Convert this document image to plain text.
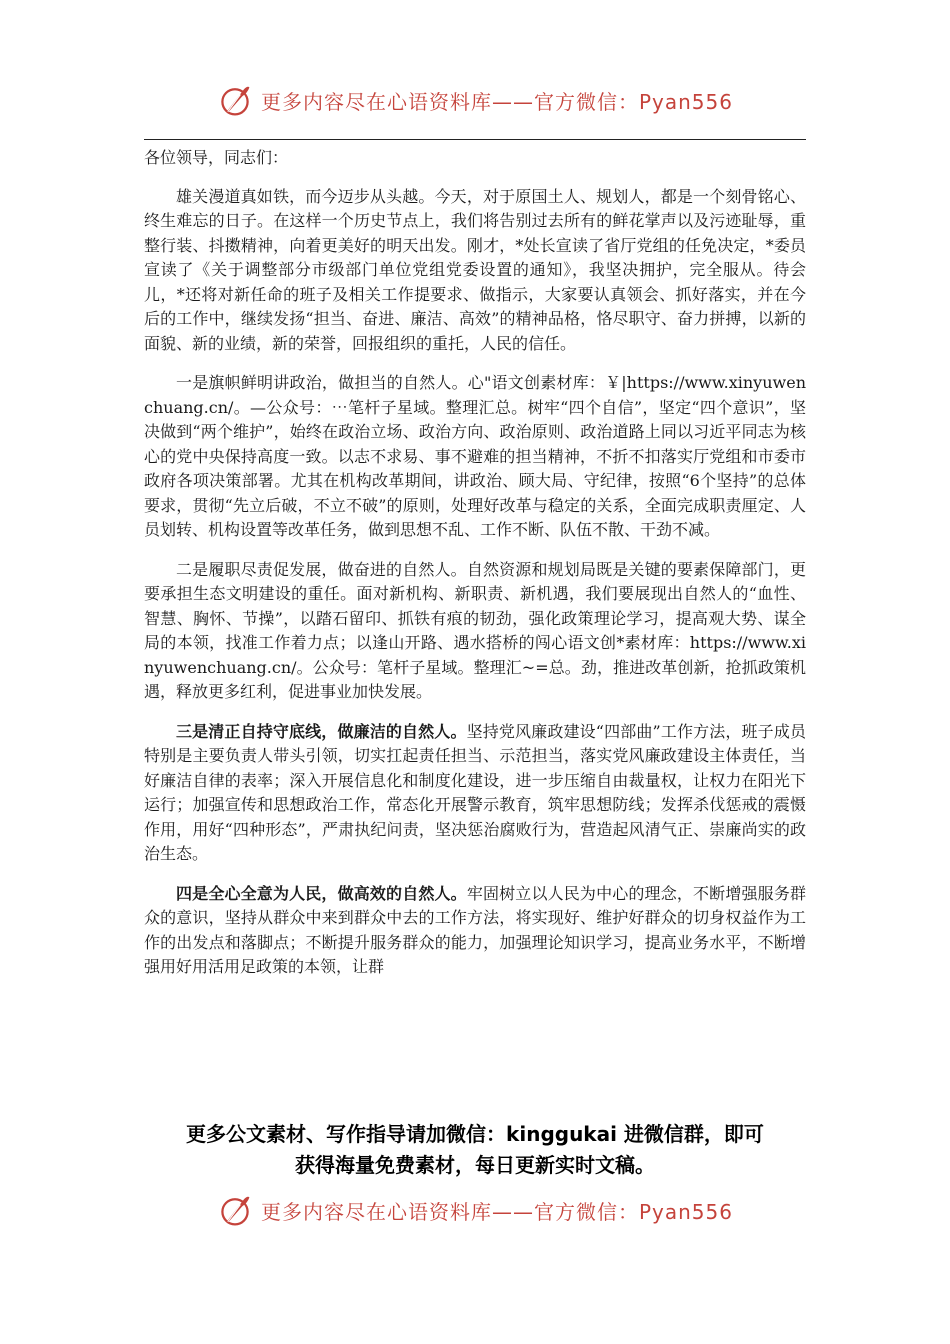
更多内容尽在心语资料库——官方微信：Pyan556

各位领导，同志们：

雄关漫道真如铁，而今迈步从头越。今天，对于原国土人、规划人，都是一个刻骨铭心、终生难忘的日子。在这样一个历史节点上，我们将告别过去所有的鲜花掌声以及污迹耻辱，重整行装、抖擞精神，向着更美好的明天出发。刚才，*处长宣读了省厅党组的任免决定，*委员宣读了《关于调整部分市级部门单位党组党委设置的通知》，我坚决拥护，完全服从。待会儿，*还将对新任命的班子及相关工作提要求、做指示，大家要认真领会、抓好落实，并在今后的工作中，继续发扬“担当、奋进、廉洁、高效”的精神品格，恪尽职守、奋力拼搏，以新的面貌、新的业绩，新的荣誉，回报组织的重托，人民的信任。

一是旗帜鲜明讲政治，做担当的自然人。心"语文创素材库：￥|https://www.xinyuwenchuang.cn/。—公众号：⋯笔杆子星域。整理汇总。树牢“四个自信”，坚定“四个意识”，坚决做到“两个维护”，始终在政治立场、政治方向、政治原则、政治道路上同以习近平同志为核心的党中央保持高度一致。以志不求易、事不避难的担当精神，不折不扣落实厅党组和市委市政府各项决策部署。尤其在机构改革期间，讲政治、顾大局、守纪律，按照“6个坚持”的总体要求，贯彻“先立后破，不立不破”的原则，处理好改革与稳定的关系，全面完成职责厘定、人员划转、机构设置等改革任务，做到思想不乱、工作不断、队伍不散、干劲不减。

二是履职尽责促发展，做奋进的自然人。自然资源和规划局既是关键的要素保障部门，更要承担生态文明建设的重任。面对新机构、新职责、新机遇，我们要展现出自然人的“血性、智慧、胸怀、节操”，以踏石留印、抓铁有痕的韧劲，强化政策理论学习，提高观大势、谋全局的本领，找准工作着力点；以逢山开路、遇水搭桥的闯心语文创*素材库：https://www.xinyuwenchuang.cn/。公众号：笔杆子星域。整理汇~=总。劲，推进改革创新，抢抓政策机遇，释放更多红利，促进事业加快发展。

三是清正自持守底线，做廉洁的自然人。坚持党风廉政建设“四部曲”工作方法，班子成员特别是主要负责人带头引领，切实扛起责任担当、示范担当，落实党风廉政建设主体责任，当好廉洁自律的表率；深入开展信息化和制度化建设，进一步压缩自由裁量权，让权力在阳光下运行；加强宣传和思想政治工作，常态化开展警示教育，筑牢思想防线；发挥杀伐惩戒的震慑作用，用好“四种形态”，严肃执纪问责，坚决惩治腐败行为，营造起风清气正、崇廉尚实的政治生态。

四是全心全意为人民，做高效的自然人。牢固树立以人民为中心的理念，不断增强服务群众的意识，坚持从群众中来到群众中去的工作方法，将实现好、维护好群众的切身权益作为工作的出发点和落脚点；不断提升服务群众的能力，加强理论知识学习，提高业务水平，不断增强用好用活用足政策的本领，让群

更多公文素材、写作指导请加微信：kinggukai 进微信群，即可
获得海量免费素材，每日更新实时文稿。
更多内容尽在心语资料库——官方微信：Pyan556
